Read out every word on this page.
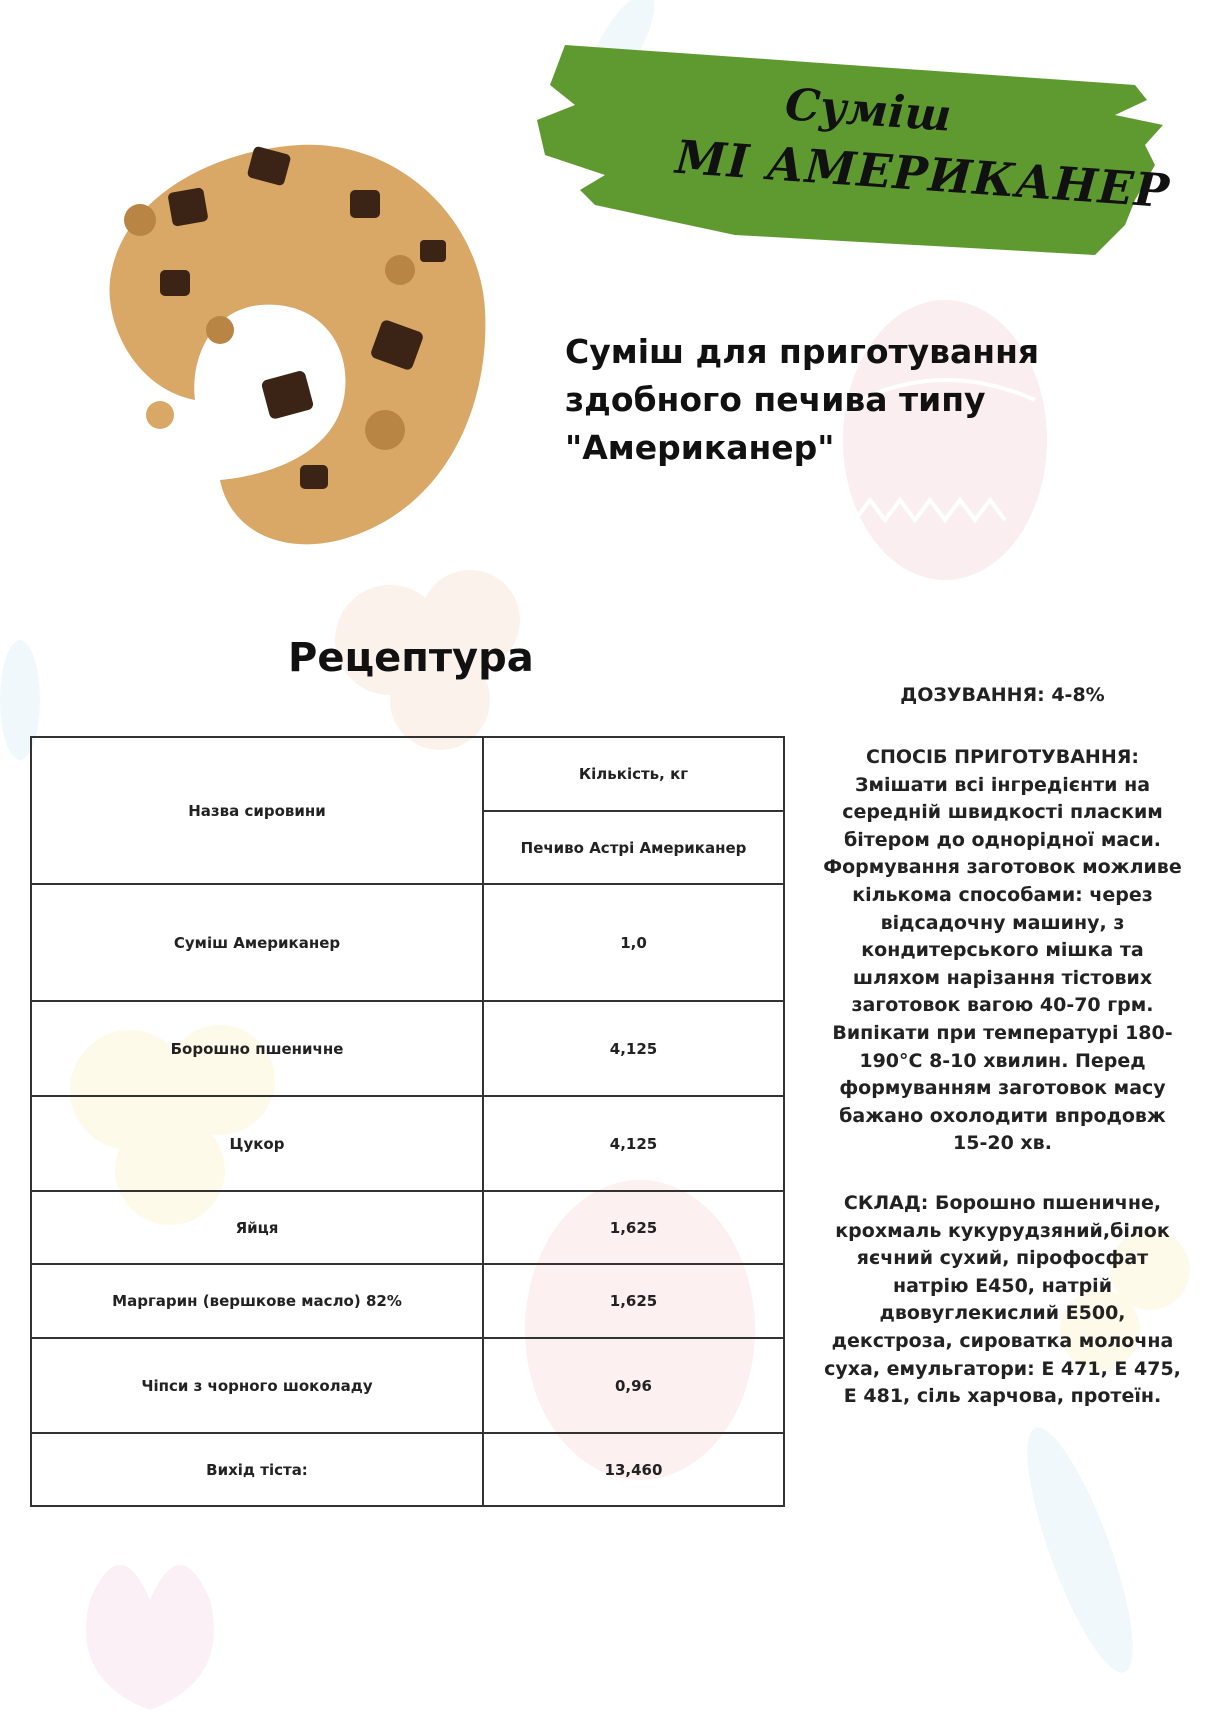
Суміш
МІ АМЕРИКАНЕР
Суміш для приготування здобного печива типу "Американер"
Рецептура
Назва сировини	Кількість, кг
	Печиво Астрі Американер
Суміш Американер	1,0
Борошно пшеничне	4,125
Цукор	4,125
Яйця	1,625
Маргарин (вершкове масло) 82%	1,625
Чіпси з чорного шоколаду	0,96
Вихід тіста:	13,460
ДОЗУВАННЯ: 4-8%
СПОСІБ ПРИГОТУВАННЯ: Змішати всі інгредієнти на середній швидкості пласким бітером до однорідної маси. Формування заготовок можливе кількома способами: через відсадочну машину, з кондитерського мішка та шляхом нарізання тістових заготовок вагою 40-70 грм. Випікати при температурі 180-190°С 8-10 хвилин. Перед формуванням заготовок масу бажано охолодити впродовж 15-20 хв.
СКЛАД: Борошно пшеничне, крохмаль кукурудзяний,білок яєчний сухий, пірофосфат натрію Е450, натрій двовуглекислий Е500, декстроза, сироватка молочна суха, емульгатори: Е 471, Е 475, Е 481, сіль харчова, протеїн.
